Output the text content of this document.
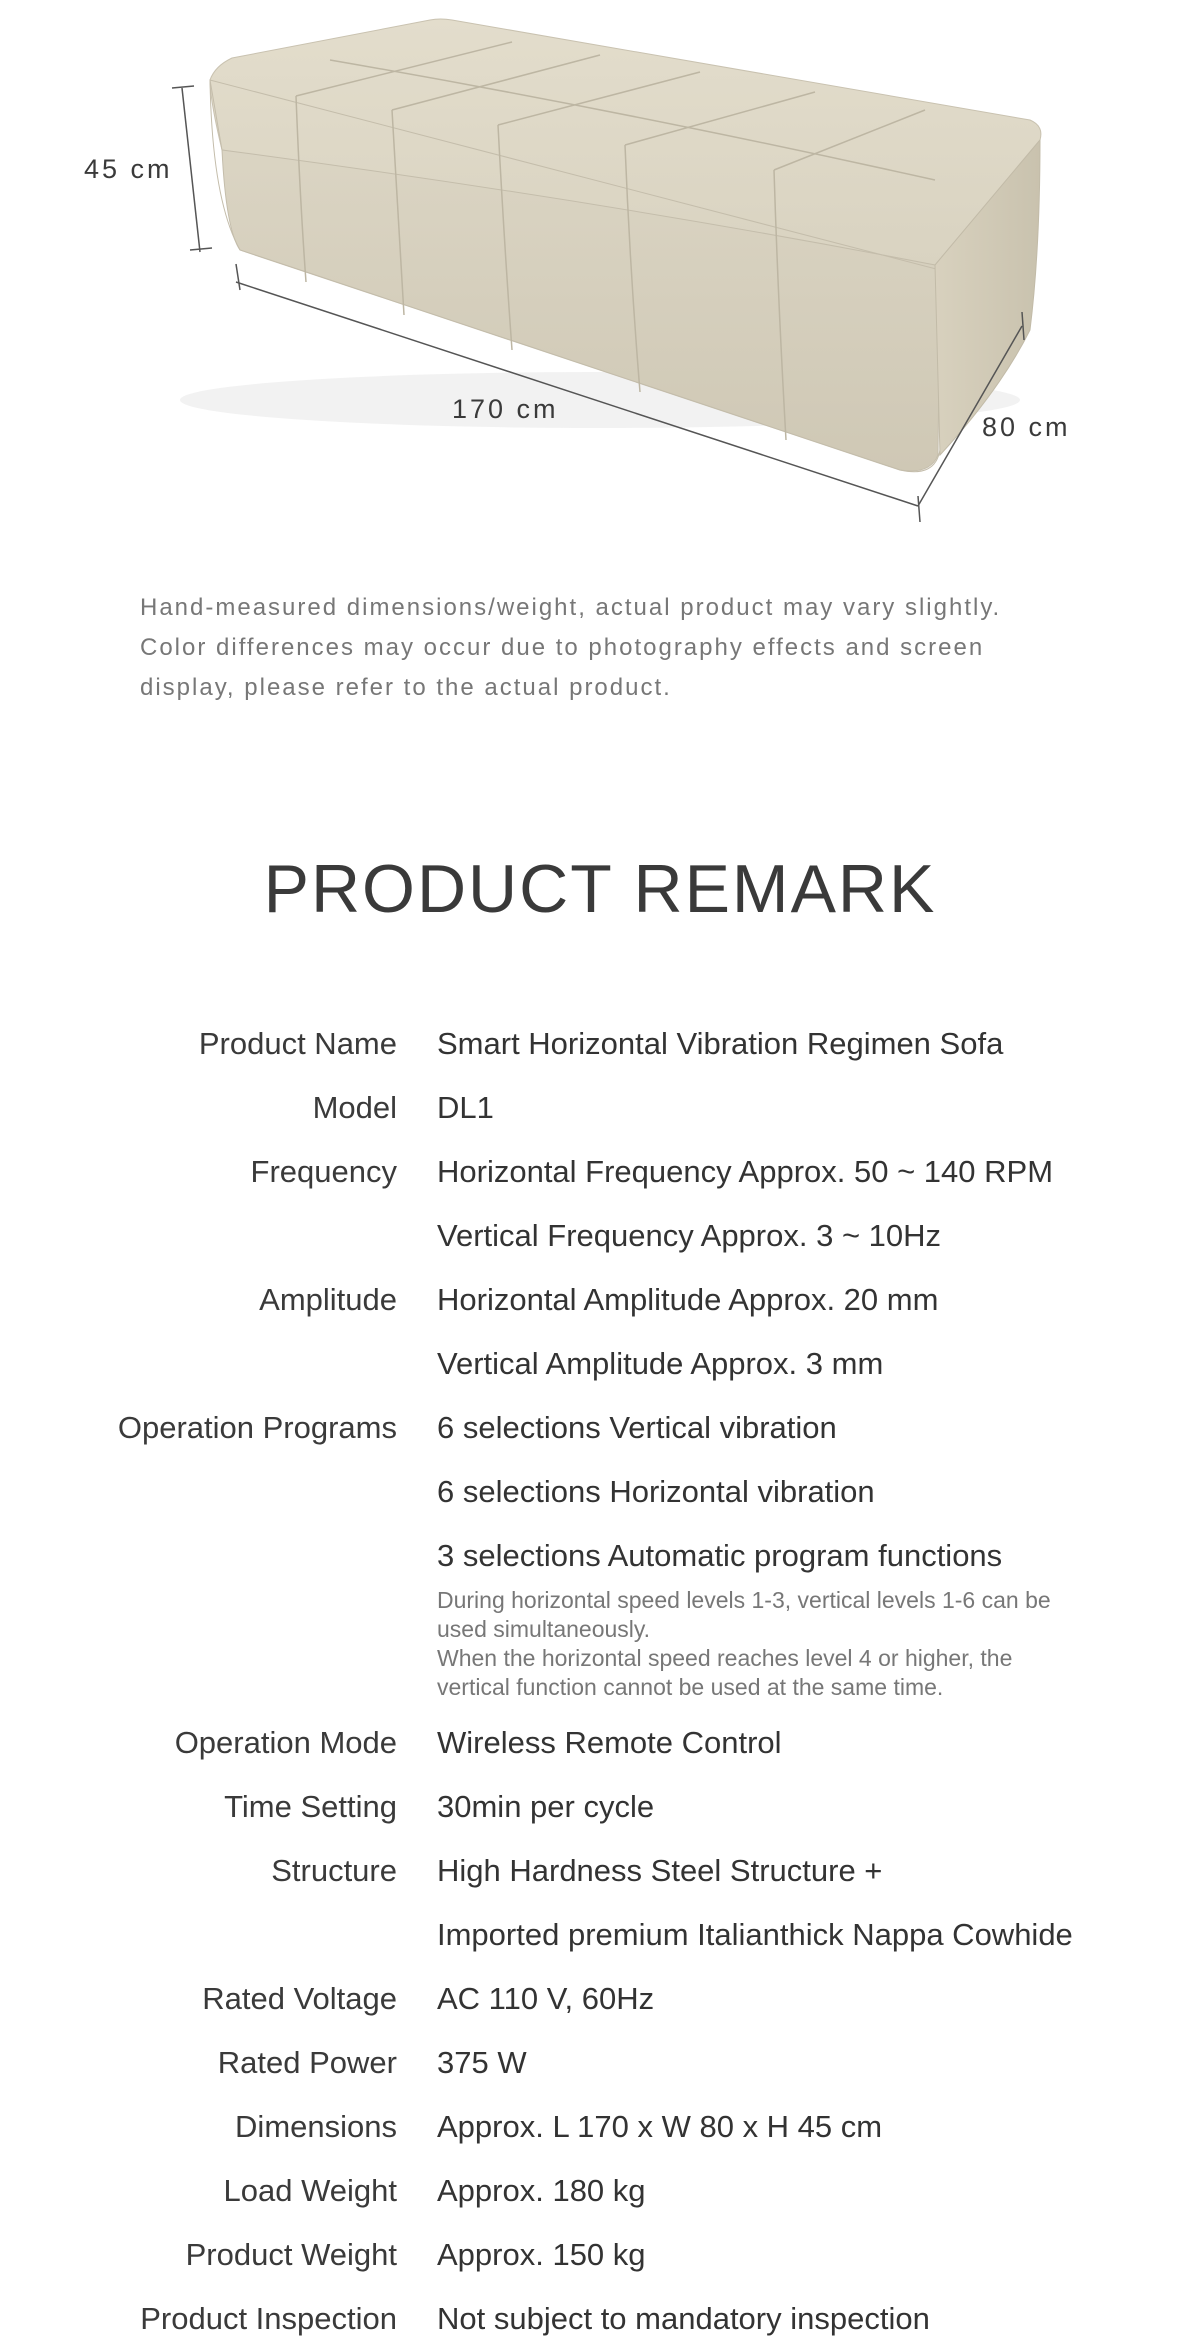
45 cm
170 cm
80 cm

Hand-measured dimensions/weight, actual product may vary slightly.

Color differences may occur due to photography effects and screen

display, please refer to the actual product.

PRODUCT REMARK
Product Name Smart Horizontal Vibration Regimen Sofa
Model DL1
Frequency Horizontal Frequency Approx. 50 ~ 140 RPM
Vertical Frequency Approx. 3 ~ 10Hz
Amplitude Horizontal Amplitude Approx. 20 mm
Vertical Amplitude Approx. 3 mm
Operation Programs 6 selections Vertical vibration
6 selections Horizontal vibration
3 selections Automatic program functions

During horizontal speed levels 1-3, vertical levels 1-6 can be used simultaneously.

When the horizontal speed reaches level 4 or higher, the vertical function cannot be used at the same time.

Operation Mode Wireless Remote Control
Time Setting 30min per cycle
Structure High Hardness Steel Structure +
Imported premium Italianthick Nappa Cowhide
Rated Voltage AC 110 V, 60Hz
Rated Power 375 W
Dimensions Approx. L 170 x W 80 x H 45 cm
Load Weight Approx. 180 kg
Product Weight Approx. 150 kg
Product Inspection Not subject to mandatory inspection
